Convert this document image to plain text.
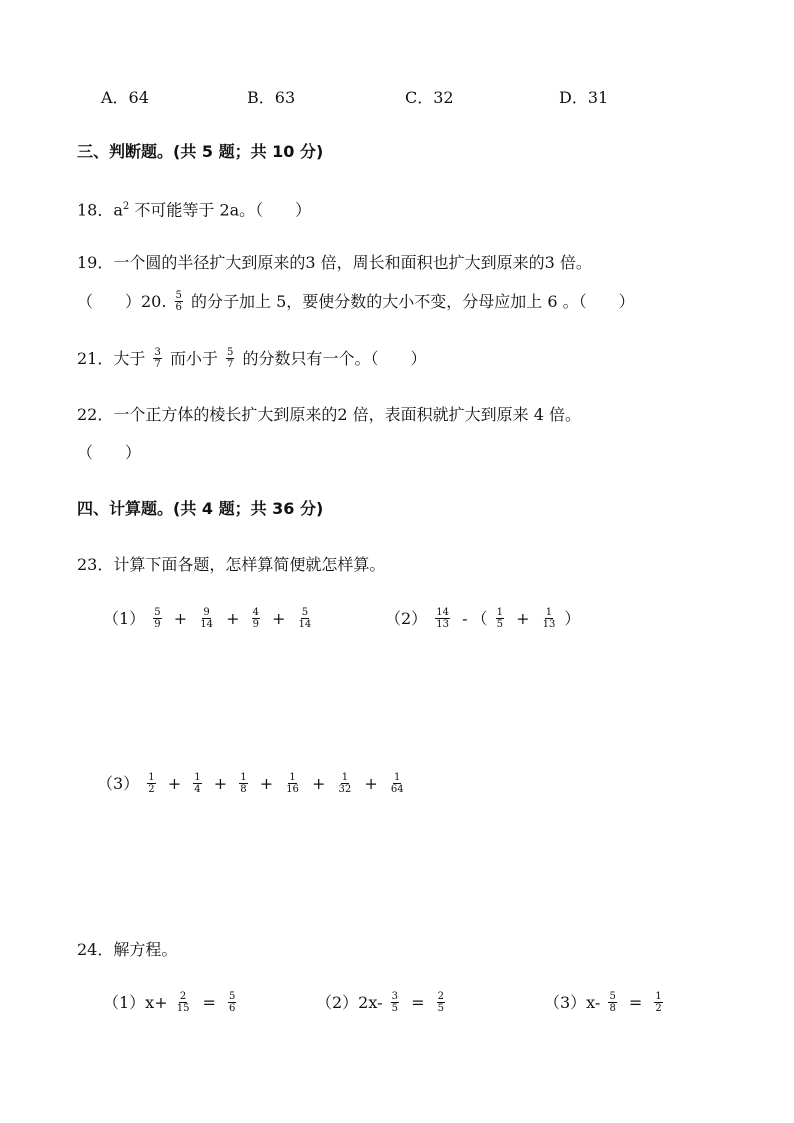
A．64	B．63	C．32	D．31
三、判断题。(共 5 题；共 10 分)
18．$a^2$ 不可能等于 2a。（　　）
19．一个圆的半径扩大到原来的3 倍，周长和面积也扩大到原来的3 倍。
（　　）20. $\frac{5}{6}$ 的分子加上 5，要使分数的大小不变，分母应加上 6 。（　　）
21．大于 $\frac{3}{7}$ 而小于 $\frac{5}{7}$ 的分数只有一个。（　　）
22．一个正方体的棱长扩大到原来的2 倍，表面积就扩大到原来 4 倍。
（　　）
四、计算题。(共 4 题；共 36 分)
23．计算下面各题，怎样算简便就怎样算。
$(1) \frac{5}{9} + \frac{9}{14} + \frac{4}{9} + \frac{5}{14}$	$(2) \frac{14}{13}$ - （ $\frac{1}{5} + \frac{1}{13}$ ）
$(3) \frac{1}{2} + \frac{1}{4} + \frac{1}{8} + \frac{1}{16} + \frac{1}{32} + \frac{1}{64}$
24．解方程。
$(1)x+ \frac{2}{15} = \frac{5}{6}$	$(2)2x- \frac{3}{5} = \frac{2}{5}$	$(3)x- \frac{5}{8} = \frac{1}{2}$
